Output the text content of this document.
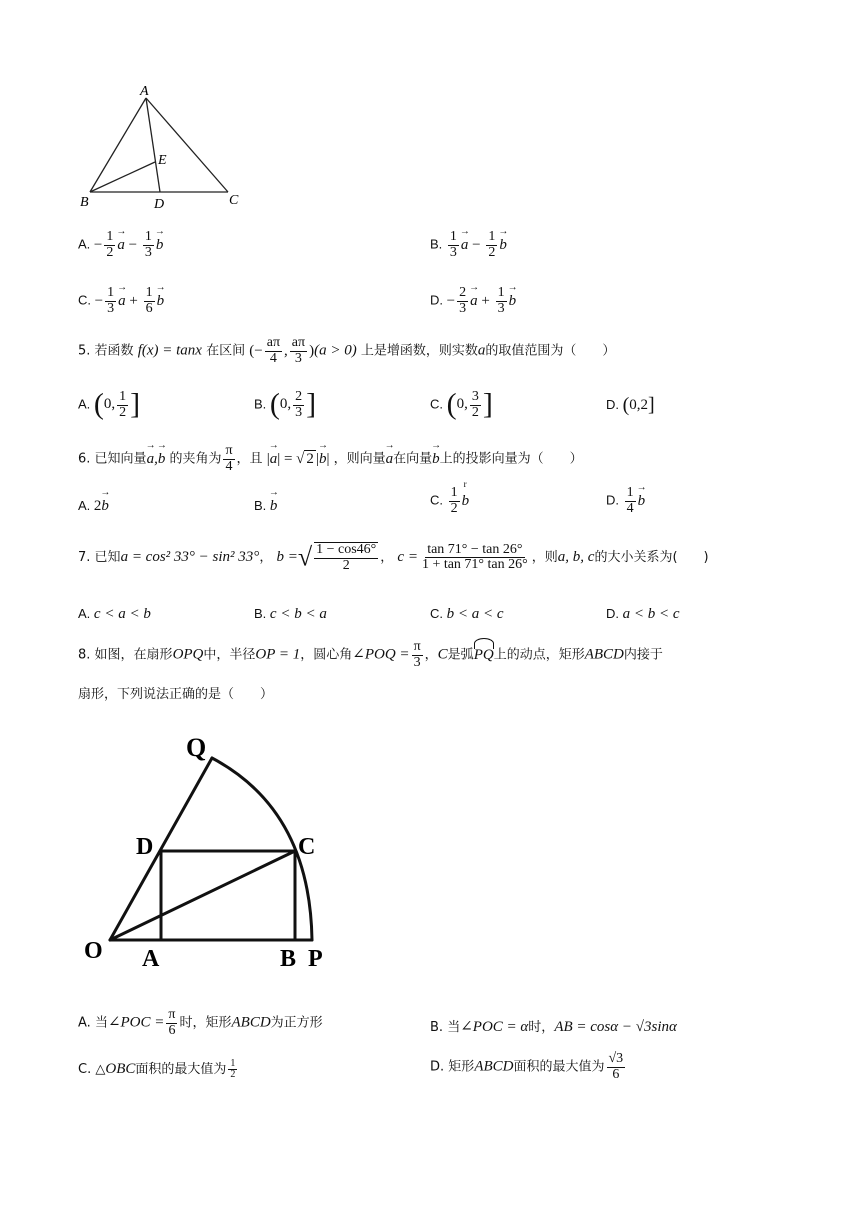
A
E
B	D	C
A. − $\frac{1}{2}$
→ $a - \frac{1}{3}$
→ b	B. $\frac{1}{3}$
→ $a - \frac{1}{2}$
→ b
C. − $\frac{1}{3}$
→ $a + \frac{1}{6}$
→ b	D. − $\frac{2}{3}$
→ $a + \frac{1}{3}$
→ b
5. 若函数 f(x) = tanx 在区间 (− $\frac{a\pi}{4}$ , $\frac{a\pi}{3} )(a > 0)$ 上是增函数，则实数a的取值范围为（　　）
A. (0, $\frac{1}{2}$ ]	B. (0, $\frac{2}{3}$ ]	C. (0, $\frac{3}{2}$ ]	D. (0,2]
6. 已知向量→ a,→ b 的夹角为 $\frac{\pi}{4}$ ，且 |→ a| = √ 2 |→ b| ，则向量→ a在向量→ b上的投影向量为（　　）
A. 2→ b	B. → b	C. $\frac{1}{2}$
r
b	D. $\frac{1}{4}$
→ b
7. 已知a = cos² 33° − sin² 33°， b =√ $\frac{1 - \cos 46^\circ}{2}$ ， $c = \frac{\tan 71^\circ - \tan 26^\circ}{1 + \tan 71^\circ \tan 26^\circ}$ ，则a, b, c的大小关系为(　　)
A. c < a < b	B. c < b < a	C. b < a < c	D. a < b < c
8. 如图，在扇形OPQ中，半径OP = 1，圆心角∠POQ = $\frac{\pi}{3}$ ，C是弧
PQ上的动点，矩形ABCD内接于
扇形，下列说法正确的是（　　）
Q
D	C
O A	B P
A. 当∠POC = $\frac{\pi}{6}$ 时，矩形ABCD为正方形	B. 当∠POC = α时，AB = cosα − √3sinα
C. △OBC面积的最大值为 $\frac{1}{2}$	D. 矩形ABCD面积的最大值为 $\frac{√3}{6}$
